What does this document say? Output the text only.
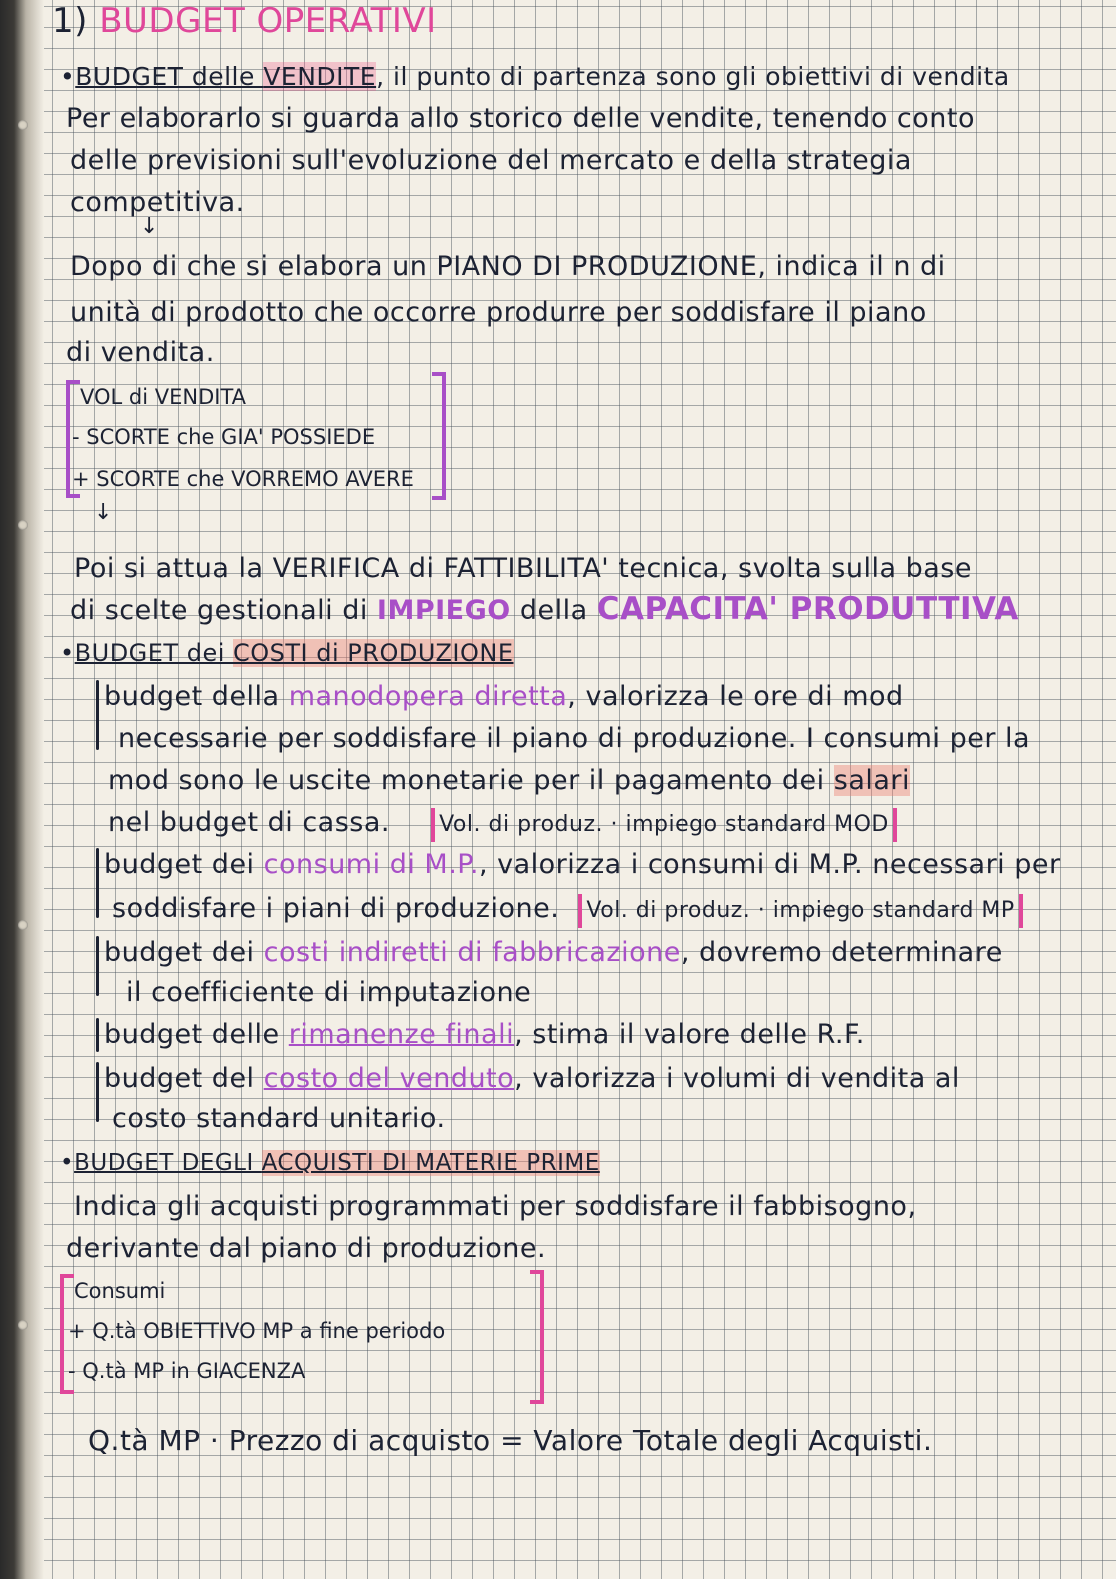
1) BUDGET OPERATIVI
•BUDGET delle VENDITE, il punto di partenza sono gli obiettivi di vendita
Per elaborarlo si guarda allo storico delle vendite, tenendo conto
delle previsioni sull'evoluzione del mercato e della strategia
competitiva.
↓
Dopo di che si elabora un PIANO DI PRODUZIONE, indica il n di
unità di prodotto che occorre produrre per soddisfare il piano
di vendita.
VOL di VENDITA
- SCORTE che GIA' POSSIEDE
+ SCORTE che VORREMO AVERE
↓
Poi si attua la VERIFICA di FATTIBILITA' tecnica, svolta sulla base
di scelte gestionali di IMPIEGO della CAPACITA' PRODUTTIVA
•BUDGET dei COSTI di PRODUZIONE
budget della manodopera diretta, valorizza le ore di mod
necessarie per soddisfare il piano di produzione. I consumi per la
mod sono le uscite monetarie per il pagamento dei salari
nel budget di cassa. Vol. di produz. · impiego standard MOD
budget dei consumi di M.P., valorizza i consumi di M.P. necessari per
soddisfare i piani di produzione. Vol. di produz. · impiego standard MP
budget dei costi indiretti di fabbricazione, dovremo determinare
il coefficiente di imputazione
budget delle rimanenze finali, stima il valore delle R.F.
budget del costo del venduto, valorizza i volumi di vendita al
costo standard unitario.
•BUDGET DEGLI ACQUISTI DI MATERIE PRIME
Indica gli acquisti programmati per soddisfare il fabbisogno,
derivante dal piano di produzione.
Consumi
+ Q.tà OBIETTIVO MP a fine periodo
- Q.tà MP in GIACENZA
Q.tà MP · Prezzo di acquisto = Valore Totale degli Acquisti.
